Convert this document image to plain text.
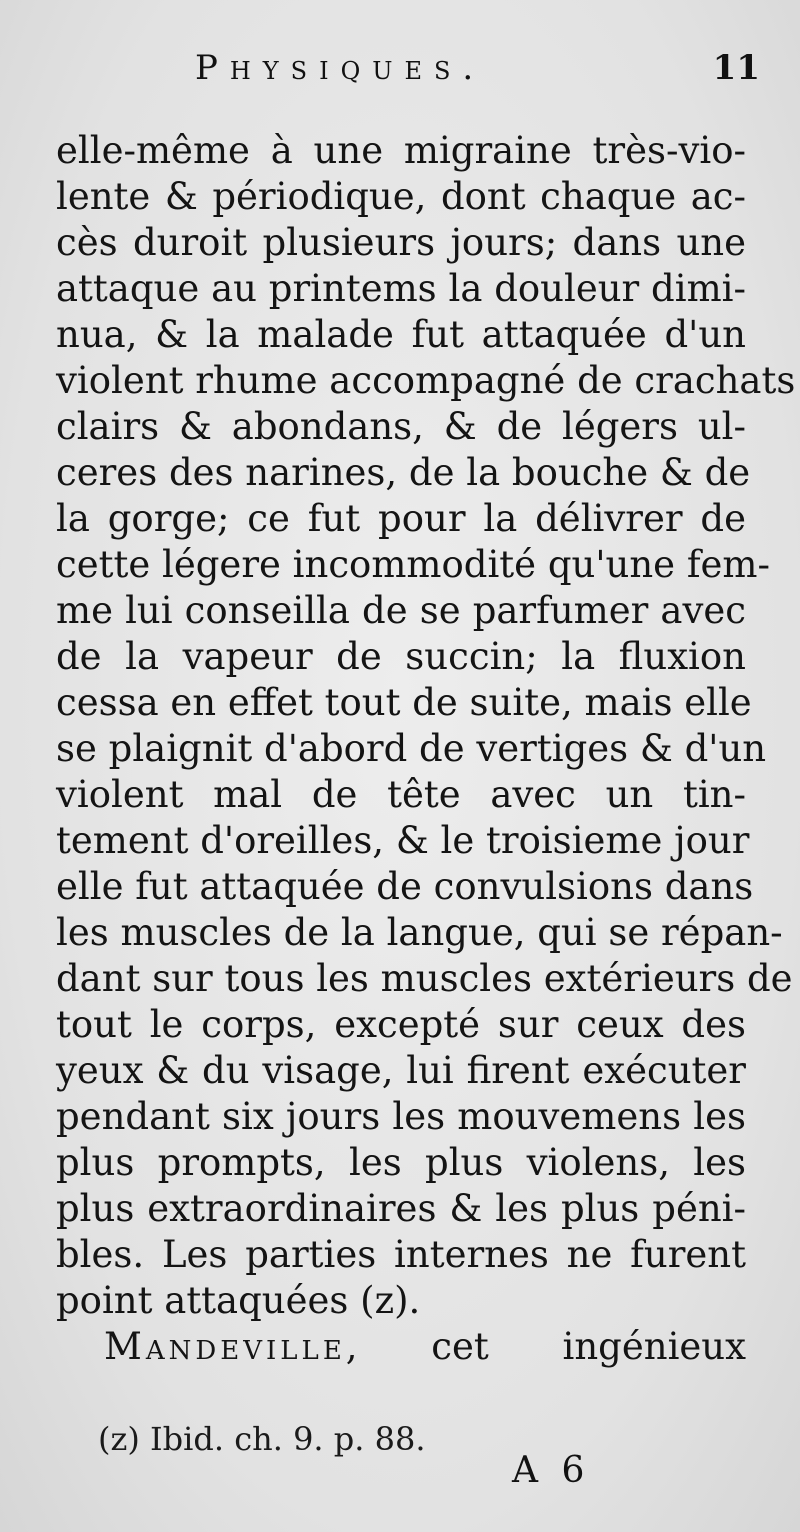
Physiques.	11
elle-même à une migraine très-vio-
lente & périodique, dont chaque ac-
cès duroit plusieurs jours; dans une
attaque au printems la douleur dimi-
nua, & la malade fut attaquée d'un
violent rhume accompagné de crachats
clairs & abondans, & de légers ul-
ceres des narines, de la bouche & de
la gorge; ce fut pour la délivrer de
cette légere incommodité qu'une fem-
me lui conseilla de se parfumer avec
de la vapeur de succin; la fluxion
cessa en effet tout de suite, mais elle
se plaignit d'abord de vertiges & d'un
violent mal de tête avec un tin-
tement d'oreilles, & le troisieme jour
elle fut attaquée de convulsions dans
les muscles de la langue, qui se répan-
dant sur tous les muscles extérieurs de
tout le corps, excepté sur ceux des
yeux & du visage, lui firent exécuter
pendant six jours les mouvemens les
plus prompts, les plus violens, les
plus extraordinaires & les plus péni-
bles. Les parties internes ne furent
point attaquées (z).
Mandeville, cet ingénieux
(z) Ibid. ch. 9. p. 88.
A 6
